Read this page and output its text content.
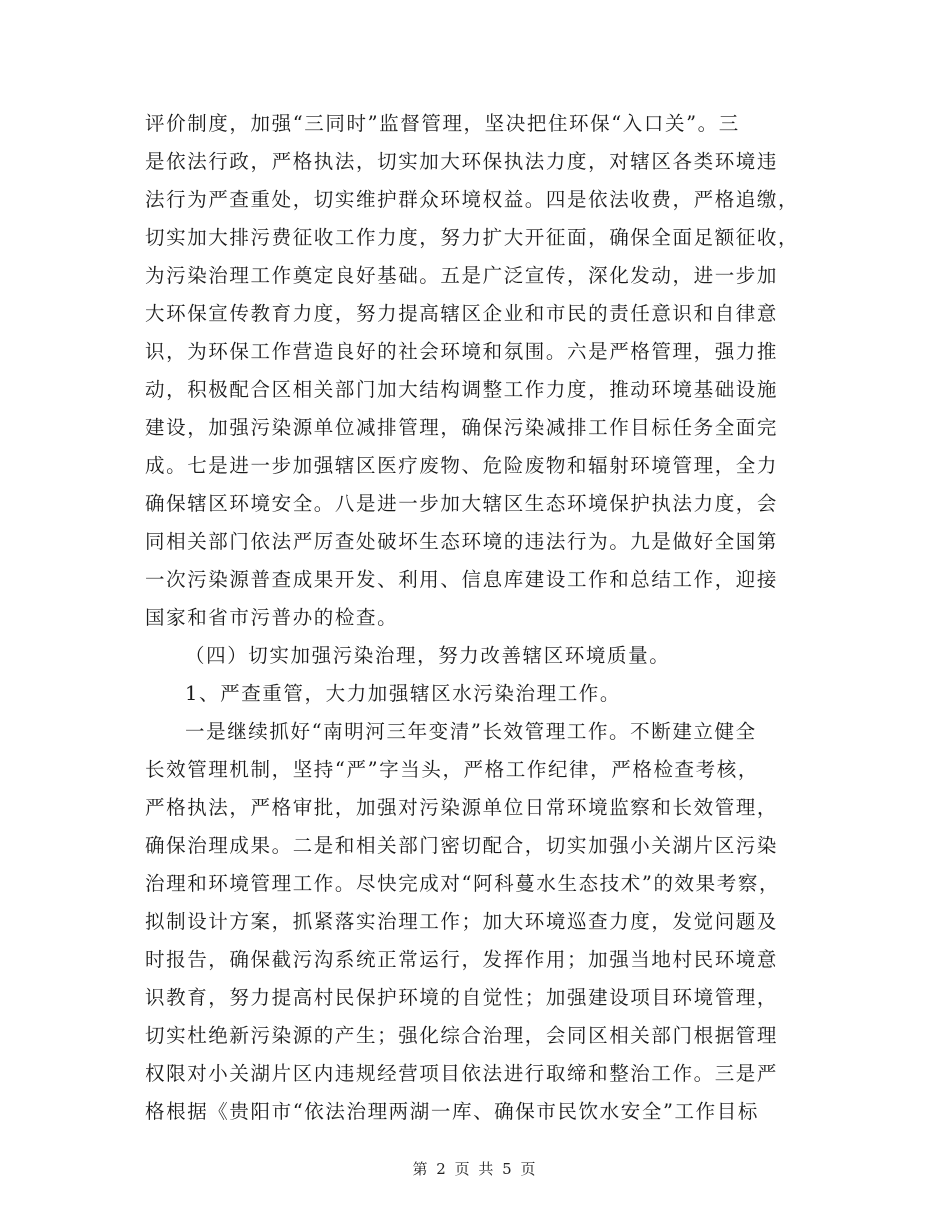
评价制度，加强“三同时”监督管理，坚决把住环保“入口关”。三
是依法行政，严格执法，切实加大环保执法力度，对辖区各类环境违
法行为严查重处，切实维护群众环境权益。四是依法收费，严格追缴，
切实加大排污费征收工作力度，努力扩大开征面，确保全面足额征收，
为污染治理工作奠定良好基础。五是广泛宣传，深化发动，进一步加
大环保宣传教育力度，努力提高辖区企业和市民的责任意识和自律意
识，为环保工作营造良好的社会环境和氛围。六是严格管理，强力推
动，积极配合区相关部门加大结构调整工作力度，推动环境基础设施
建设，加强污染源单位减排管理，确保污染减排工作目标任务全面完
成。七是进一步加强辖区医疗废物、危险废物和辐射环境管理，全力
确保辖区环境安全。八是进一步加大辖区生态环境保护执法力度，会
同相关部门依法严厉查处破坏生态环境的违法行为。九是做好全国第
一次污染源普查成果开发、利用、信息库建设工作和总结工作，迎接
国家和省市污普办的检查。
（四）切实加强污染治理，努力改善辖区环境质量。
1、严查重管，大力加强辖区水污染治理工作。
一是继续抓好“南明河三年变清”长效管理工作。不断建立健全
长效管理机制，坚持“严”字当头，严格工作纪律，严格检查考核，
严格执法，严格审批，加强对污染源单位日常环境监察和长效管理，
确保治理成果。二是和相关部门密切配合，切实加强小关湖片区污染
治理和环境管理工作。尽快完成对“阿科蔓水生态技术”的效果考察，
拟制设计方案，抓紧落实治理工作；加大环境巡查力度，发觉问题及
时报告，确保截污沟系统正常运行，发挥作用；加强当地村民环境意
识教育，努力提高村民保护环境的自觉性；加强建设项目环境管理，
切实杜绝新污染源的产生；强化综合治理，会同区相关部门根据管理
权限对小关湖片区内违规经营项目依法进行取缔和整治工作。三是严
格根据《贵阳市“依法治理两湖一库、确保市民饮水安全”工作目标
第 2 页 共 5 页
